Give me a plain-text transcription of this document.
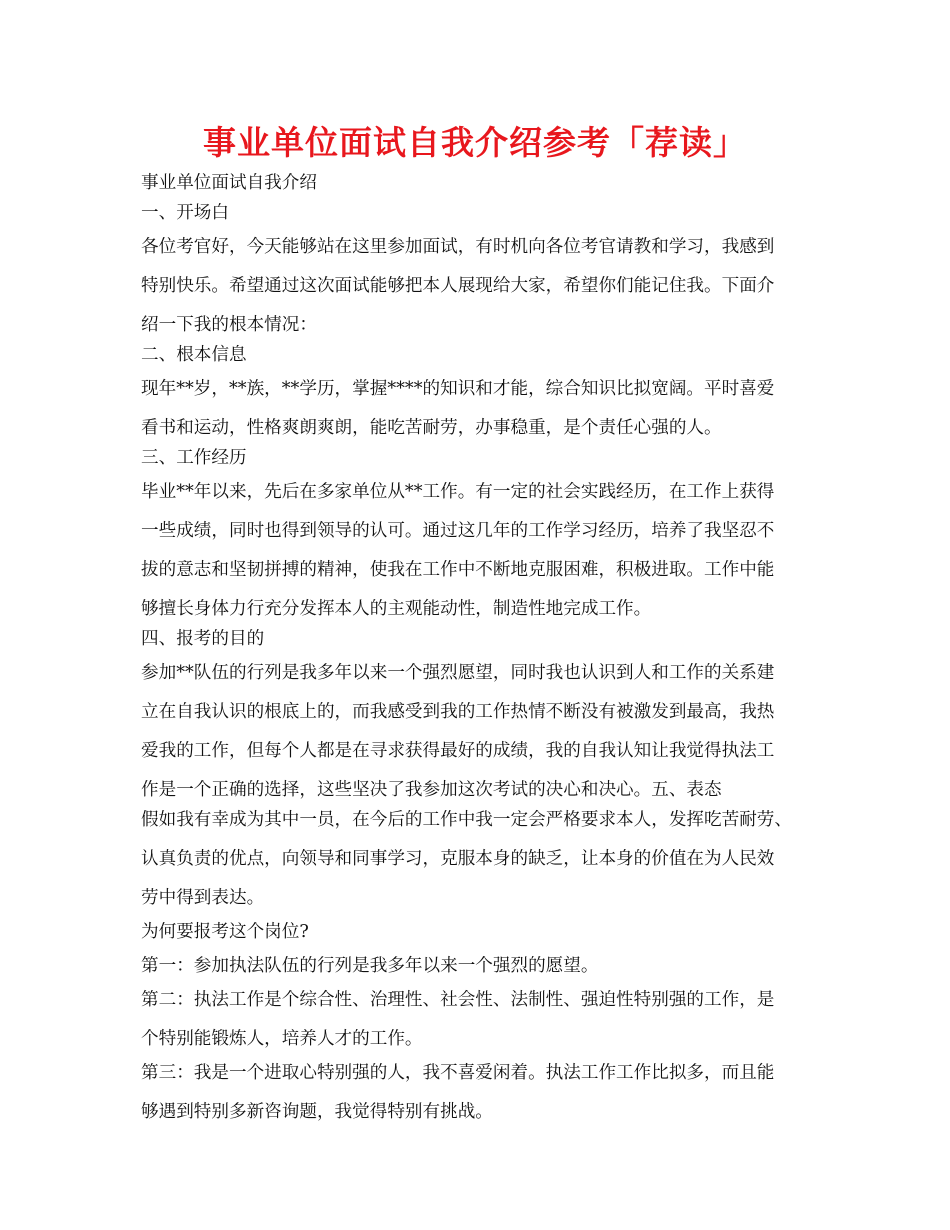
事业单位面试自我介绍参考「荐读」
事业单位面试自我介绍
一、开场白
各位考官好，今天能够站在这里参加面试，有时机向各位考官请教和学习，我感到
特别快乐。希望通过这次面试能够把本人展现给大家，希望你们能记住我。下面介
绍一下我的根本情况：
二、根本信息
现年**岁，**族，**学历，掌握****的知识和才能，综合知识比拟宽阔。平时喜爱
看书和运动，性格爽朗爽朗，能吃苦耐劳，办事稳重，是个责任心强的人。
三、工作经历
毕业**年以来，先后在多家单位从**工作。有一定的社会实践经历，在工作上获得
一些成绩，同时也得到领导的认可。通过这几年的工作学习经历，培养了我坚忍不
拔的意志和坚韧拼搏的精神，使我在工作中不断地克服困难，积极进取。工作中能
够擅长身体力行充分发挥本人的主观能动性，制造性地完成工作。
四、报考的目的
参加**队伍的行列是我多年以来一个强烈愿望，同时我也认识到人和工作的关系建
立在自我认识的根底上的，而我感受到我的工作热情不断没有被激发到最高，我热
爱我的工作，但每个人都是在寻求获得最好的成绩，我的自我认知让我觉得执法工
作是一个正确的选择，这些坚决了我参加这次考试的决心和决心。五、表态
假如我有幸成为其中一员，在今后的工作中我一定会严格要求本人，发挥吃苦耐劳、
认真负责的优点，向领导和同事学习，克服本身的缺乏，让本身的价值在为人民效
劳中得到表达。
为何要报考这个岗位?
第一：参加执法队伍的行列是我多年以来一个强烈的愿望。
第二：执法工作是个综合性、治理性、社会性、法制性、强迫性特别强的工作，是
个特别能锻炼人，培养人才的工作。
第三：我是一个进取心特别强的人，我不喜爱闲着。执法工作工作比拟多，而且能
够遇到特别多新咨询题，我觉得特别有挑战。
